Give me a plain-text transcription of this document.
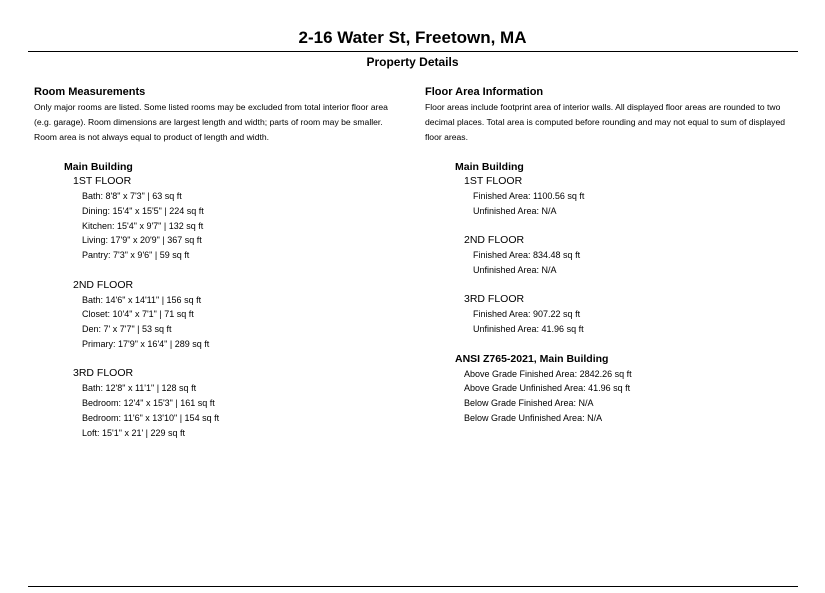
2-16 Water St, Freetown, MA
Property Details

Room Measurements

Only major rooms are listed. Some listed rooms may be excluded from total interior floor area (e.g. garage). Room dimensions are largest length and width; parts of room may be smaller. Room area is not always equal to product of length and width.

Main Building

1ST FLOOR

Bath: 8'8" x 7'3" | 63 sq ft

Dining: 15'4" x 15'5" | 224 sq ft

Kitchen: 15'4" x 9'7" | 132 sq ft

Living: 17'9" x 20'9" | 367 sq ft

Pantry: 7'3" x 9'6" | 59 sq ft

2ND FLOOR

Bath: 14'6" x 14'11" | 156 sq ft

Closet: 10'4" x 7'1" | 71 sq ft

Den: 7' x 7'7" | 53 sq ft

Primary: 17'9" x 16'4" | 289 sq ft

3RD FLOOR

Bath: 12'8" x 11'1" | 128 sq ft

Bedroom: 12'4" x 15'3" | 161 sq ft

Bedroom: 11'6" x 13'10" | 154 sq ft

Loft: 15'1" x 21' | 229 sq ft

Floor Area Information

Floor areas include footprint area of interior walls. All displayed floor areas are rounded to two decimal places. Total area is computed before rounding and may not equal to sum of displayed floor areas.

Main Building

1ST FLOOR

Finished Area: 1100.56 sq ft

Unfinished Area: N/A

2ND FLOOR

Finished Area: 834.48 sq ft

Unfinished Area: N/A

3RD FLOOR

Finished Area: 907.22 sq ft

Unfinished Area: 41.96 sq ft

ANSI Z765-2021, Main Building

Above Grade Finished Area: 2842.26 sq ft

Above Grade Unfinished Area: 41.96 sq ft

Below Grade Finished Area: N/A

Below Grade Unfinished Area: N/A
